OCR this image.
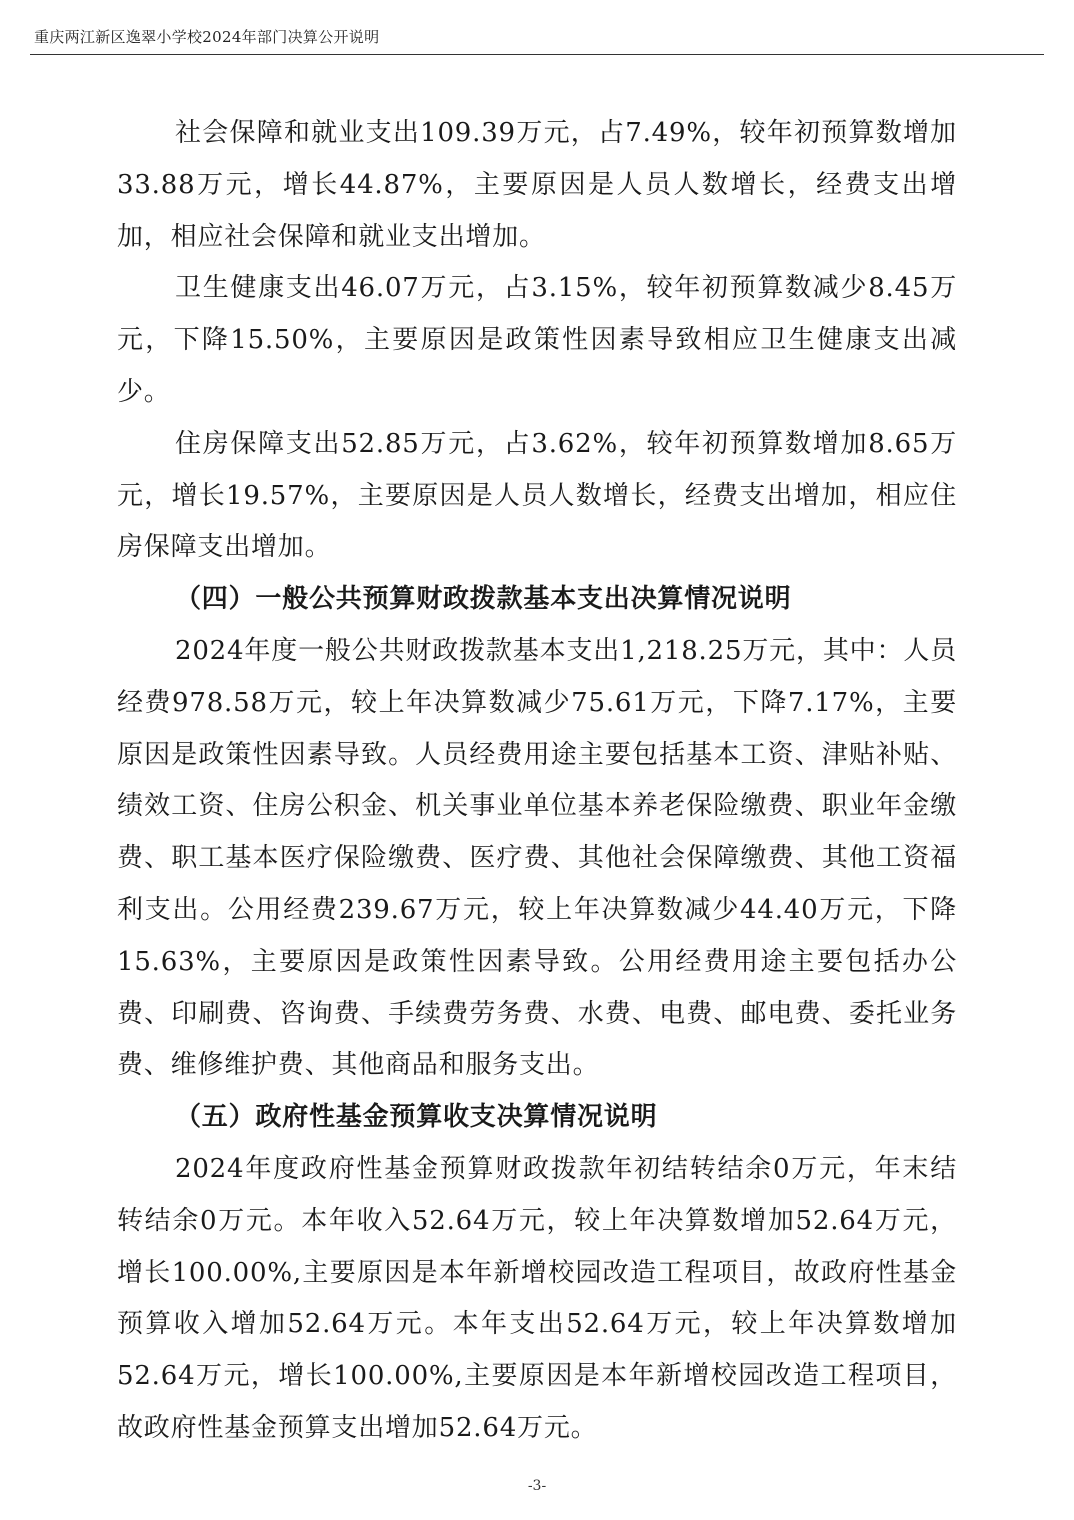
重庆两江新区逸翠小学校2024年部门决算公开说明

社会保障和就业支出109.39万元，占7.49%，较年初预算数增加33.88万元，增长44.87%，主要原因是人员人数增长，经费支出增加，相应社会保障和就业支出增加。

卫生健康支出46.07万元，占3.15%，较年初预算数减少8.45万元，下降15.50%，主要原因是政策性因素导致相应卫生健康支出减少。

住房保障支出52.85万元，占3.62%，较年初预算数增加8.65万元，增长19.57%，主要原因是人员人数增长，经费支出增加，相应住房保障支出增加。

（四）一般公共预算财政拨款基本支出决算情况说明

2024年度一般公共财政拨款基本支出1,218.25万元，其中：人员经费978.58万元，较上年决算数减少75.61万元，下降7.17%，主要原因是政策性因素导致。人员经费用途主要包括基本工资、津贴补贴、绩效工资、住房公积金、机关事业单位基本养老保险缴费、职业年金缴费、职工基本医疗保险缴费、医疗费、其他社会保障缴费、其他工资福利支出。公用经费239.67万元，较上年决算数减少44.40万元，下降15.63%，主要原因是政策性因素导致。公用经费用途主要包括办公费、印刷费、咨询费、手续费劳务费、水费、电费、邮电费、委托业务费、维修维护费、其他商品和服务支出。

（五）政府性基金预算收支决算情况说明

2024年度政府性基金预算财政拨款年初结转结余0万元，年末结转结余0万元。本年收入52.64万元，较上年决算数增加52.64万元，增长100.00%,主要原因是本年新增校园改造工程项目，故政府性基金预算收入增加52.64万元。本年支出52.64万元，较上年决算数增加52.64万元，增长100.00%,主要原因是本年新增校园改造工程项目，故政府性基金预算支出增加52.64万元。

-3-
